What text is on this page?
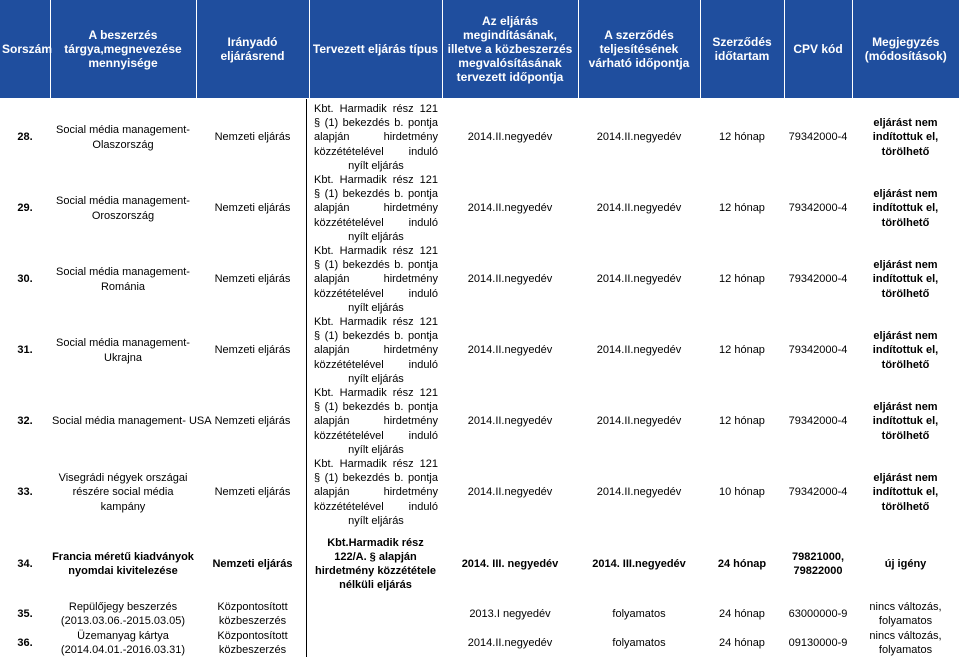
Sorszám	A beszerzés tárgya,megnevezése mennyisége	Irányadó eljárásrend	Tervezett eljárás típus	Az eljárás megindításának, illetve a közbeszerzés megvalósításának tervezett időpontja	A szerződés teljesítésének várható időpontja	Szerződés időtartam	CPV kód	Megjegyzés (módosítások)

28.	Social média management-Olaszország	Nemzeti eljárás	Kbt. Harmadik rész 121 § (1) bekezdés b. pontja alapján hirdetmény közzétételével induló nyílt eljárás	2014.II.negyedév	2014.II.negyedév	12 hónap	79342000-4	eljárást nem indítottuk el, törölhető
29.	Social média management-Oroszország	Nemzeti eljárás	Kbt. Harmadik rész 121 § (1) bekezdés b. pontja alapján hirdetmény közzétételével induló nyílt eljárás	2014.II.negyedév	2014.II.negyedév	12 hónap	79342000-4	eljárást nem indítottuk el, törölhető
30.	Social média management-Románia	Nemzeti eljárás	Kbt. Harmadik rész 121 § (1) bekezdés b. pontja alapján hirdetmény közzétételével induló nyílt eljárás	2014.II.negyedév	2014.II.negyedév	12 hónap	79342000-4	eljárást nem indítottuk el, törölhető
31.	Social média management-Ukrajna	Nemzeti eljárás	Kbt. Harmadik rész 121 § (1) bekezdés b. pontja alapján hirdetmény közzétételével induló nyílt eljárás	2014.II.negyedév	2014.II.negyedév	12 hónap	79342000-4	eljárást nem indítottuk el, törölhető
32.	Social média management- USA	Nemzeti eljárás	Kbt. Harmadik rész 121 § (1) bekezdés b. pontja alapján hirdetmény közzétételével induló nyílt eljárás	2014.II.negyedév	2014.II.negyedév	12 hónap	79342000-4	eljárást nem indítottuk el, törölhető
33.	Visegrádi négyek országai részére social média kampány	Nemzeti eljárás	Kbt. Harmadik rész 121 § (1) bekezdés b. pontja alapján hirdetmény közzétételével induló nyílt eljárás	2014.II.negyedév	2014.II.negyedév	10 hónap	79342000-4	eljárást nem indítottuk el, törölhető

34.	Francia méretű kiadványok nyomdai kivitelezése	Nemzeti eljárás	Kbt.Harmadik rész 122/A. § alapján hirdetmény közzététele nélküli eljárás	2014. III. negyedév	2014. III.negyedév	24 hónap	79821000, 79822000	új igény

35.	Repülőjegy beszerzés (2013.03.06.-2015.03.05)	Központosított közbeszerzés		2013.I negyedév	folyamatos	24 hónap	63000000-9	nincs változás, folyamatos
36.	Üzemanyag kártya (2014.04.01.-2016.03.31)	Központosított közbeszerzés		2014.II.negyedév	folyamatos	24 hónap	09130000-9	nincs változás, folyamatos
